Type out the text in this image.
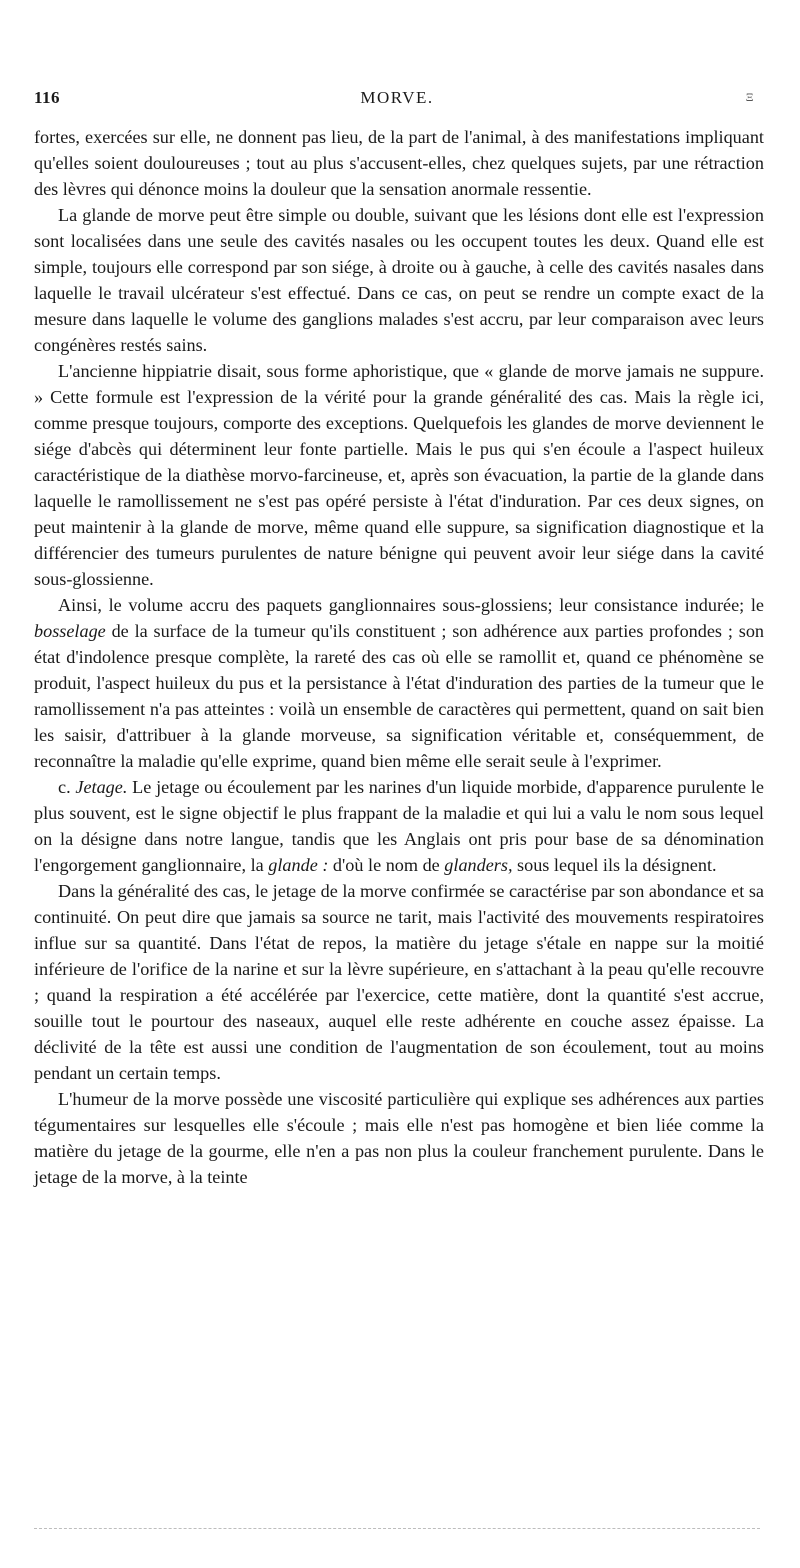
116	MORVE.	Ξ

fortes, exercées sur elle, ne donnent pas lieu, de la part de l'animal, à des manifestations impliquant qu'elles soient douloureuses ; tout au plus s'accusent-elles, chez quelques sujets, par une rétraction des lèvres qui dénonce moins la douleur que la sensation anormale ressentie.

La glande de morve peut être simple ou double, suivant que les lésions dont elle est l'expression sont localisées dans une seule des cavités nasales ou les occupent toutes les deux. Quand elle est simple, toujours elle correspond par son siége, à droite ou à gauche, à celle des cavités nasales dans laquelle le travail ulcérateur s'est effectué. Dans ce cas, on peut se rendre un compte exact de la mesure dans laquelle le volume des ganglions malades s'est accru, par leur comparaison avec leurs congénères restés sains.

L'ancienne hippiatrie disait, sous forme aphoristique, que « glande de morve jamais ne suppure. » Cette formule est l'expression de la vérité pour la grande généralité des cas. Mais la règle ici, comme presque toujours, comporte des exceptions. Quelquefois les glandes de morve deviennent le siége d'abcès qui déterminent leur fonte partielle. Mais le pus qui s'en écoule a l'aspect huileux caractéristique de la diathèse morvo-farcineuse, et, après son évacuation, la partie de la glande dans laquelle le ramollissement ne s'est pas opéré persiste à l'état d'induration. Par ces deux signes, on peut maintenir à la glande de morve, même quand elle suppure, sa signification diagnostique et la différencier des tumeurs purulentes de nature bénigne qui peuvent avoir leur siége dans la cavité sous-glossienne.

Ainsi, le volume accru des paquets ganglionnaires sous-glossiens; leur consistance indurée; le bosselage de la surface de la tumeur qu'ils constituent ; son adhérence aux parties profondes ; son état d'indolence presque complète, la rareté des cas où elle se ramollit et, quand ce phénomène se produit, l'aspect huileux du pus et la persistance à l'état d'induration des parties de la tumeur que le ramollissement n'a pas atteintes : voilà un ensemble de caractères qui permettent, quand on sait bien les saisir, d'attribuer à la glande morveuse, sa signification véritable et, conséquemment, de reconnaître la maladie qu'elle exprime, quand bien même elle serait seule à l'exprimer.

c. Jetage. Le jetage ou écoulement par les narines d'un liquide morbide, d'apparence purulente le plus souvent, est le signe objectif le plus frappant de la maladie et qui lui a valu le nom sous lequel on la désigne dans notre langue, tandis que les Anglais ont pris pour base de sa dénomination l'engorgement ganglionnaire, la glande : d'où le nom de glanders, sous lequel ils la désignent.

Dans la généralité des cas, le jetage de la morve confirmée se caractérise par son abondance et sa continuité. On peut dire que jamais sa source ne tarit, mais l'activité des mouvements respiratoires influe sur sa quantité. Dans l'état de repos, la matière du jetage s'étale en nappe sur la moitié inférieure de l'orifice de la narine et sur la lèvre supérieure, en s'attachant à la peau qu'elle recouvre ; quand la respiration a été accélérée par l'exercice, cette matière, dont la quantité s'est accrue, souille tout le pourtour des naseaux, auquel elle reste adhérente en couche assez épaisse. La déclivité de la tête est aussi une condition de l'augmentation de son écoulement, tout au moins pendant un certain temps.

L'humeur de la morve possède une viscosité particulière qui explique ses adhérences aux parties tégumentaires sur lesquelles elle s'écoule ; mais elle n'est pas homogène et bien liée comme la matière du jetage de la gourme, elle n'en a pas non plus la couleur franchement purulente. Dans le jetage de la morve, à la teinte
